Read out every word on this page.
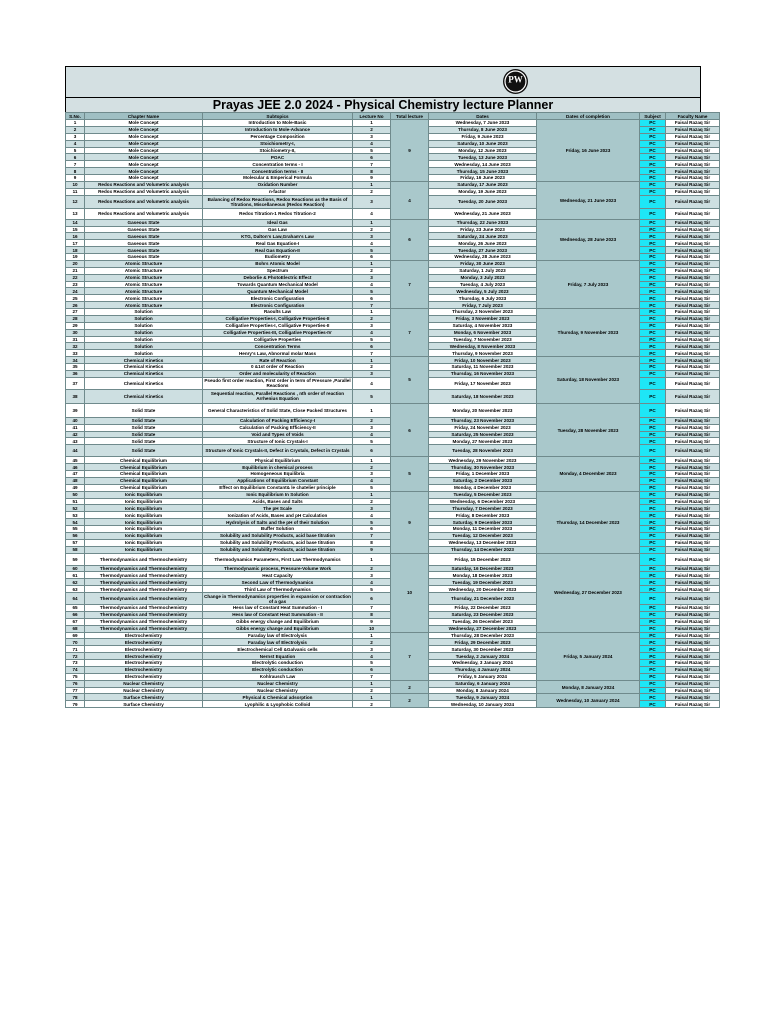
PW
Prayas JEE 2.0 2024 - Physical Chemistry lecture Planner
S.No.	Chapter Name	Subtopics	Lecture No	Total lecture	Dates	Dates of completion	Subject	Faculty Name
1	Mole Concept	Introduction to Mole-Basic	1	9	Wednesday, 7 June 2023	Friday, 16 June 2023	PC	Faisal Razaq Sir
2	Mole Concept	Introduction to Mole-Advance	2		Thursday, 8 June 2023		PC	Faisal Razaq Sir
3	Mole Concept	Percentage Composition	3		Friday, 9 June 2023		PC	Faisal Razaq Sir
4	Mole Concept	Stoichiometry-I,	4		Saturday, 10 June 2023		PC	Faisal Razaq Sir
5	Mole Concept	Stoichiometry-II,	5		Monday, 12 June 2023		PC	Faisal Razaq Sir
6	Mole Concept	POAC	6		Tuesday, 13 June 2023		PC	Faisal Razaq Sir
7	Mole Concept	Concentration terms - I	7		Wednesday, 14 June 2023		PC	Faisal Razaq Sir
8	Mole Concept	Concentration terms - II	8		Thursday, 15 June 2023		PC	Faisal Razaq Sir
9	Mole Concept	Molecular & Emperical Formula	9		Friday, 16 June 2023		PC	Faisal Razaq Sir
10	Redox Reactions and Volumetric analysis	Oxidation Number	1	4	Saturday, 17 June 2023	Wednesday, 21 June 2023	PC	Faisal Razaq Sir
11	Redox Reactions and Volumetric analysis	n-factor	2		Monday, 19 June 2023		PC	Faisal Razaq Sir
12	Redox Reactions and Volumetric analysis	Balancing of Redox Reactions, Redox Reactions as the Basis of Titrations, Miscellaneous (Redox Reaction)	3		Tuesday, 20 June 2023		PC	Faisal Razaq Sir
13	Redox Reactions and Volumetric analysis	Redox Titration-1 Redox Titration-2	4		Wednesday, 21 June 2023		PC	Faisal Razaq Sir
14	Gaseous State	Ideal Gas	1	6	Thursday, 22 June 2023	Wednesday, 28 June 2023	PC	Faisal Razaq Sir
15	Gaseous State	Gas Law	2		Friday, 23 June 2023		PC	Faisal Razaq Sir
16	Gaseous State	KTG, Dalton's Law,Graham's Law	3		Saturday, 24 June 2023		PC	Faisal Razaq Sir
17	Gaseous State	Real Gas Equation-I	4		Monday, 26 June 2023		PC	Faisal Razaq Sir
18	Gaseous State	Real Gas Equation-II	5		Tuesday, 27 June 2023		PC	Faisal Razaq Sir
19	Gaseous State	Eudiometry	6		Wednesday, 28 June 2023		PC	Faisal Razaq Sir
20	Atomic Structure	Bohrs Atomic Model	1	7	Friday, 30 June 2023	Friday, 7 July 2023	PC	Faisal Razaq Sir
21	Atomic Structure	Spectrum	2		Saturday, 1 July 2023		PC	Faisal Razaq Sir
22	Atomic Structure	Deborlie & PhotoElectric Effect	3		Monday, 3 July 2023		PC	Faisal Razaq Sir
23	Atomic Structure	Towards Quantum Mechanical Model	4		Tuesday, 4 July 2023		PC	Faisal Razaq Sir
24	Atomic Structure	Quantum Mechanical Model	5		Wednesday, 5 July 2023		PC	Faisal Razaq Sir
25	Atomic Structure	Electronic Configuration	6		Thursday, 6 July 2023		PC	Faisal Razaq Sir
26	Atomic Structure	Electronic Configuration	7		Friday, 7 July 2023		PC	Faisal Razaq Sir
27	Solution	Raoults Law	1	7	Thursday, 2 November 2023	Thursday, 9 November 2023	PC	Faisal Razaq Sir
28	Solution	Colligative Properties-I, Colligative Properties-II	2		Friday, 3 November 2023		PC	Faisal Razaq Sir
29	Solution	Colligative Properties-I, Colligative Properties-II	3		Saturday, 4 November 2023		PC	Faisal Razaq Sir
30	Solution	Colligative Properties-III, Colligative Properties-IV	4		Monday, 6 November 2023		PC	Faisal Razaq Sir
31	Solution	Colligative Properties	5		Tuesday, 7 November 2023		PC	Faisal Razaq Sir
32	Solution	Concentration Terms	6		Wednesday, 8 November 2023		PC	Faisal Razaq Sir
33	Solution	Henry's Law, Abnormal molar Mass	7		Thursday, 9 November 2023		PC	Faisal Razaq Sir
34	Chemical Kinetics	Rate of Reaction	1	5	Friday, 10 November 2023	Saturday, 18 November 2023	PC	Faisal Razaq Sir
35	Chemical Kinetics	0 &1st order of Reaction	2		Saturday, 11 November 2023		PC	Faisal Razaq Sir
36	Chemical Kinetics	Order and molecularity of Reaction	3		Thursday, 16 November 2023		PC	Faisal Razaq Sir
37	Chemical Kinetics	Pseudo first order reaction, First order in term of Pressure ,Parallel Reactions	4		Friday, 17 November 2023		PC	Faisal Razaq Sir
38	Chemical Kinetics	Sequential reaction, Parallel Reactions , nth order of reaction Arrhenius Equation	5		Saturday, 18 November 2023		PC	Faisal Razaq Sir
39	Solid State	General Characteristics of Solid State, Close Packed Structures	1	6	Monday, 20 November 2023	Tuesday, 28 November 2023	PC	Faisal Razaq Sir
40	Solid State	Calculation of Packing Efficiency-I	2		Thursday, 23 November 2023		PC	Faisal Razaq Sir
41	Solid State	Calculation of Packing Efficiency-II	3		Friday, 24 November 2023		PC	Faisal Razaq Sir
42	Solid State	Void and Types of Voids	4		Saturday, 25 November 2023		PC	Faisal Razaq Sir
43	Solid State	Structure of Ionic Crystals-I	5		Monday, 27 November 2023		PC	Faisal Razaq Sir
44	Solid State	Structure of Ionic Crystals-II, Defect in Crystals, Defect in Crystals	6		Tuesday, 28 November 2023		PC	Faisal Razaq Sir
45	Chemical Equilibrium	Physical Equilibrium	1	5	Wednesday, 29 November 2023	Monday, 4 December 2023	PC	Faisal Razaq Sir
46	Chemical Equilibrium	Equilibrium in chemical process	2		Thursday, 30 November 2023		PC	Faisal Razaq Sir
47	Chemical Equilibrium	Homogeneous Equilibria	3		Friday, 1 December 2023		PC	Faisal Razaq Sir
48	Chemical Equilibrium	Applications of Equilibrium Constant	4		Saturday, 2 December 2023		PC	Faisal Razaq Sir
49	Chemical Equilibrium	Effect on Equilibrium Constant& le chatelier principle	5		Monday, 4 December 2023		PC	Faisal Razaq Sir
50	Ionic Equilibrium	Ionic Equilibrium In Solution	1	9	Tuesday, 5 December 2023	Thursday, 14 December 2023	PC	Faisal Razaq Sir
51	Ionic Equilibrium	Acids, Bases and Salts	2		Wednesday, 6 December 2023		PC	Faisal Razaq Sir
52	Ionic Equilibrium	The pH Scale	3		Thursday, 7 December 2023		PC	Faisal Razaq Sir
53	Ionic Equilibrium	Ionization of Acids, Bases and pH Calculation	4		Friday, 8 December 2023		PC	Faisal Razaq Sir
54	Ionic Equilibrium	Hydrolysis of Salts and the pH of their Solution	5		Saturday, 9 December 2023		PC	Faisal Razaq Sir
55	Ionic Equilibrium	Buffer Solution	6		Monday, 11 December 2023		PC	Faisal Razaq Sir
56	Ionic Equilibrium	Solubility and Solubility Products, acid base titration	7		Tuesday, 12 December 2023		PC	Faisal Razaq Sir
57	Ionic Equilibrium	Solubility and Solubility Products, acid base titration	8		Wednesday, 13 December 2023		PC	Faisal Razaq Sir
58	Ionic Equilibrium	Solubility and Solubility Products, acid base titration	9		Thursday, 14 December 2023		PC	Faisal Razaq Sir
59	Thermodynamics and Thermochemistry	Thermodynamics Parameters, First Law Thermodynamics	1	10	Friday, 15 December 2023	Wednesday, 27 December 2023	PC	Faisal Razaq Sir
60	Thermodynamics and Thermochemistry	Thermodynamic process, Pressure-Volume Work	2		Saturday, 16 December 2023		PC	Faisal Razaq Sir
61	Thermodynamics and Thermochemistry	Heat Capacity	3		Monday, 18 December 2023		PC	Faisal Razaq Sir
62	Thermodynamics and Thermochemistry	Second Law of Thermodynamics	4		Tuesday, 19 December 2023		PC	Faisal Razaq Sir
63	Thermodynamics and Thermochemistry	Third Law of Thermodynamics	5		Wednesday, 20 December 2023		PC	Faisal Razaq Sir
64	Thermodynamics and Thermochemistry	Change in Thermodynamics properties in expansion or contraction of a gas	6		Thursday, 21 December 2023		PC	Faisal Razaq Sir
65	Thermodynamics and Thermochemistry	Hess law of Constant Heat Summation - I	7		Friday, 22 December 2023		PC	Faisal Razaq Sir
66	Thermodynamics and Thermochemistry	Hess law of Constant Heat Summation - II	8		Saturday, 23 December 2023		PC	Faisal Razaq Sir
67	Thermodynamics and Thermochemistry	Gibbs energy change and Equilibrium	9		Tuesday, 26 December 2023		PC	Faisal Razaq Sir
68	Thermodynamics and Thermochemistry	Gibbs energy change and Equilibrium	10		Wednesday, 27 December 2023		PC	Faisal Razaq Sir
69	Electrochemistry	Faraday law of Electrolysis	1	7	Thursday, 28 December 2023	Friday, 5 January 2024	PC	Faisal Razaq Sir
70	Electrochemistry	Faraday law of Electrolysis	2		Friday, 29 December 2023		PC	Faisal Razaq Sir
71	Electrochemistry	Electrochemical Cell &Galvanic cells	3		Saturday, 30 December 2023		PC	Faisal Razaq Sir
72	Electrochemistry	Nernst Equation	4		Tuesday, 2 January 2024		PC	Faisal Razaq Sir
73	Electrochemistry	Electrolytic conduction	5		Wednesday, 3 January 2024		PC	Faisal Razaq Sir
74	Electrochemistry	Electrolytic conduction	6		Thursday, 4 January 2024		PC	Faisal Razaq Sir
75	Electrochemistry	Kohlrausch Law	7		Friday, 5 January 2024		PC	Faisal Razaq Sir
76	Nuclear Chemistry	Nuclear Chemistry	1	2	Saturday, 6 January 2024	Monday, 8 January 2024	PC	Faisal Razaq Sir
77	Nuclear Chemistry	Nuclear Chemistry	2		Monday, 8 January 2024		PC	Faisal Razaq Sir
78	Surface Chemistry	Physical & Chemical adsorption	1	2	Tuesday, 9 January 2024	Wednesday, 10 January 2024	PC	Faisal Razaq Sir
79	Surface Chemistry	Lyophilic & Lyophobic Colloid	2		Wednesday, 10 January 2024		PC	Faisal Razaq Sir
